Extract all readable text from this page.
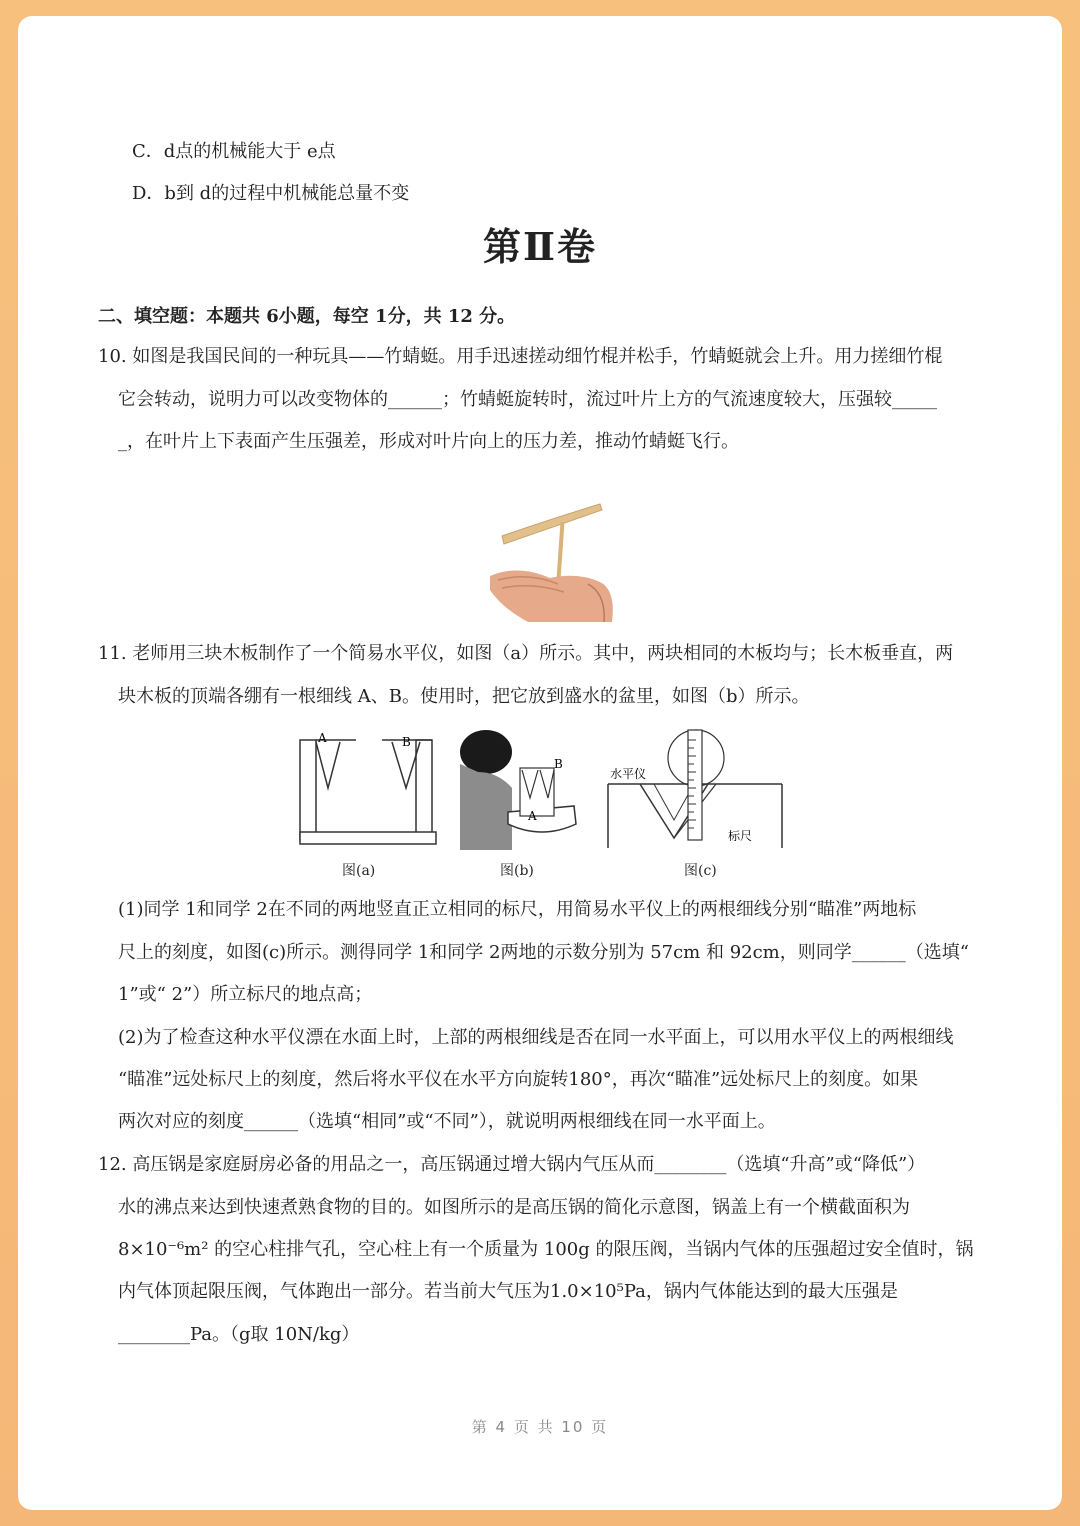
C．d点的机械能大于 e点
D．b到 d的过程中机械能总量不变
第Ⅱ卷
二、填空题：本题共 6小题，每空 1分，共 12 分。
10. 如图是我国民间的一种玩具——竹蜻蜓。用手迅速搓动细竹棍并松手，竹蜻蜓就会上升。用力搓细竹棍
它会转动，说明力可以改变物体的______；竹蜻蜓旋转时，流过叶片上方的气流速度较大，压强较_____
_，在叶片上下表面产生压强差，形成对叶片向上的压力差，推动竹蜻蜓飞行。
11. 老师用三块木板制作了一个简易水平仪，如图（a）所示。其中，两块相同的木板均与；长木板垂直，两
块木板的顶端各绷有一根细线 A、B。使用时，把它放到盛水的盆里，如图（b）所示。
A	B
图(a)
A
B
图(b)
水平仪
标尺
图(c)
(1)同学 1和同学 2在不同的两地竖直正立相同的标尺，用简易水平仪上的两根细线分别“瞄准”两地标
尺上的刻度，如图(c)所示。测得同学 1和同学 2两地的示数分别为 57cm 和 92cm，则同学______（选填“
1”或“ 2”）所立标尺的地点高；
(2)为了检查这种水平仪漂在水面上时，上部的两根细线是否在同一水平面上，可以用水平仪上的两根细线
“瞄准”远处标尺上的刻度，然后将水平仪在水平方向旋转180°，再次“瞄准”远处标尺上的刻度。如果
两次对应的刻度______（选填“相同”或“不同”），就说明两根细线在同一水平面上。
12. 高压锅是家庭厨房必备的用品之一，高压锅通过增大锅内气压从而________（选填“升高”或“降低”）
水的沸点来达到快速煮熟食物的目的。如图所示的是高压锅的简化示意图，锅盖上有一个横截面积为
8×10⁻⁶m² 的空心柱排气孔，空心柱上有一个质量为 100g 的限压阀，当锅内气体的压强超过安全值时，锅
内气体顶起限压阀，气体跑出一部分。若当前大气压为1.0×10⁵Pa，锅内气体能达到的最大压强是
________Pa。（g取 10N/kg）
第 4 页 共 10 页
